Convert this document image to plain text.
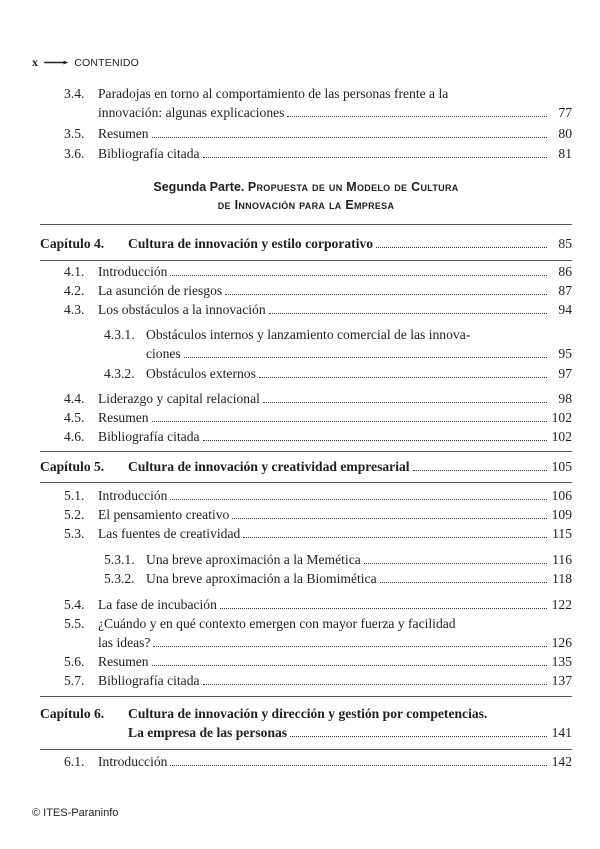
x	CONTENIDO
3.4. Paradojas en torno al comportamiento de las personas frente a la
innovación: algunas explicaciones	77
3.5. Resumen	80
3.6. Bibliografía citada	81
Segunda Parte. Propuesta de un Modelo de Cultura
de Innovación para la Empresa
Capítulo 4. Cultura de innovación y estilo corporativo	85
4.1. Introducción	86
4.2. La asunción de riesgos	87
4.3. Los obstáculos a la innovación	94
4.3.1. Obstáculos internos y lanzamiento comercial de las innova-
ciones	95
4.3.2. Obstáculos externos	97
4.4. Liderazgo y capital relacional	98
4.5. Resumen	102
4.6. Bibliografía citada	102
Capítulo 5. Cultura de innovación y creatividad empresarial	105
5.1. Introducción	106
5.2. El pensamiento creativo	109
5.3. Las fuentes de creatividad	115
5.3.1. Una breve aproximación a la Memética	116
5.3.2. Una breve aproximación a la Biomimética	118
5.4. La fase de incubación	122
5.5. ¿Cuándo y en qué contexto emergen con mayor fuerza y facilidad
las ideas?	126
5.6. Resumen	135
5.7. Bibliografía citada	137
Capítulo 6. Cultura de innovación y dirección y gestión por competencias.
La empresa de las personas	141
6.1. Introducción	142
© ITES-Paraninfo
